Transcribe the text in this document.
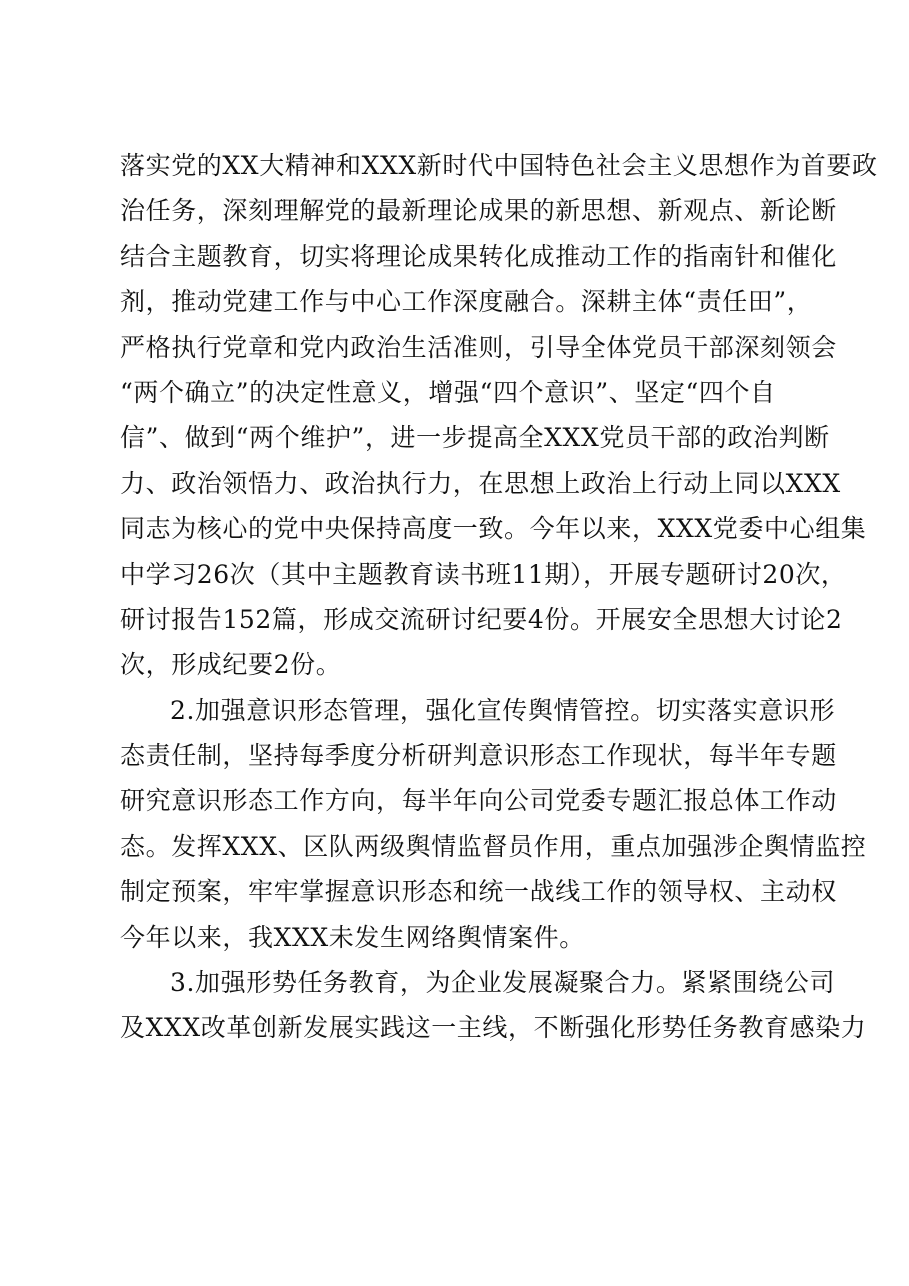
落实党的XX大精神和XXX新时代中国特色社会主义思想作为首要政
治任务，深刻理解党的最新理论成果的新思想、新观点、新论断
结合主题教育，切实将理论成果转化成推动工作的指南针和催化
剂，推动党建工作与中心工作深度融合。深耕主体“责任田”，
严格执行党章和党内政治生活准则，引导全体党员干部深刻领会
“两个确立”的决定性意义，增强“四个意识”、坚定“四个自
信”、做到“两个维护”，进一步提高全XXX党员干部的政治判断
力、政治领悟力、政治执行力，在思想上政治上行动上同以XXX
同志为核心的党中央保持高度一致。今年以来，XXX党委中心组集
中学习26次（其中主题教育读书班11期），开展专题研讨20次，
研讨报告152篇，形成交流研讨纪要4份。开展安全思想大讨论2
次，形成纪要2份。
2.加强意识形态管理，强化宣传舆情管控。切实落实意识形
态责任制，坚持每季度分析研判意识形态工作现状，每半年专题
研究意识形态工作方向，每半年向公司党委专题汇报总体工作动
态。发挥XXX、区队两级舆情监督员作用，重点加强涉企舆情监控
制定预案，牢牢掌握意识形态和统一战线工作的领导权、主动权
今年以来，我XXX未发生网络舆情案件。
3.加强形势任务教育，为企业发展凝聚合力。紧紧围绕公司
及XXX改革创新发展实践这一主线，不断强化形势任务教育感染力
